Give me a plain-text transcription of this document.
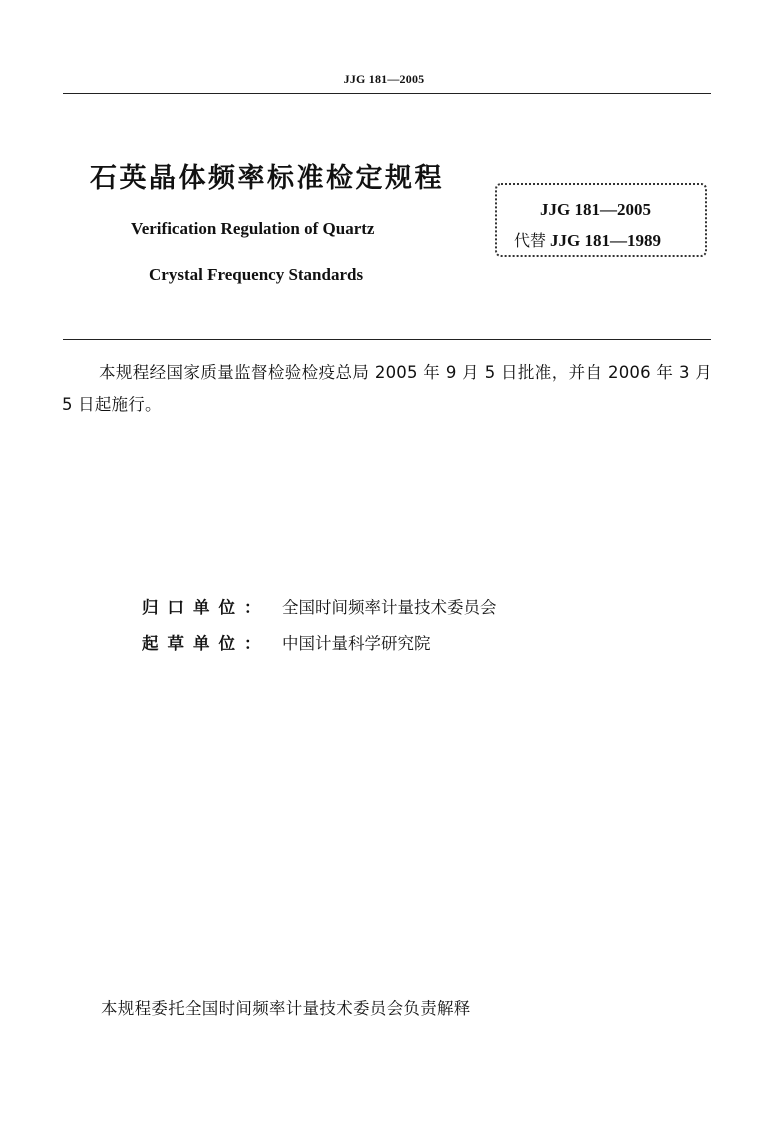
JJG 181—2005
石英晶体频率标准检定规程
Verification Regulation of Quartz
Crystal Frequency Standards
JJG 181—2005
代替 JJG 181—1989
本规程经国家质量监督检验检疫总局 2005 年 9 月 5 日批准，并自 2006 年 3 月 5 日起施行。
归口单位： 全国时间频率计量技术委员会
起草单位： 中国计量科学研究院
本规程委托全国时间频率计量技术委员会负责解释
